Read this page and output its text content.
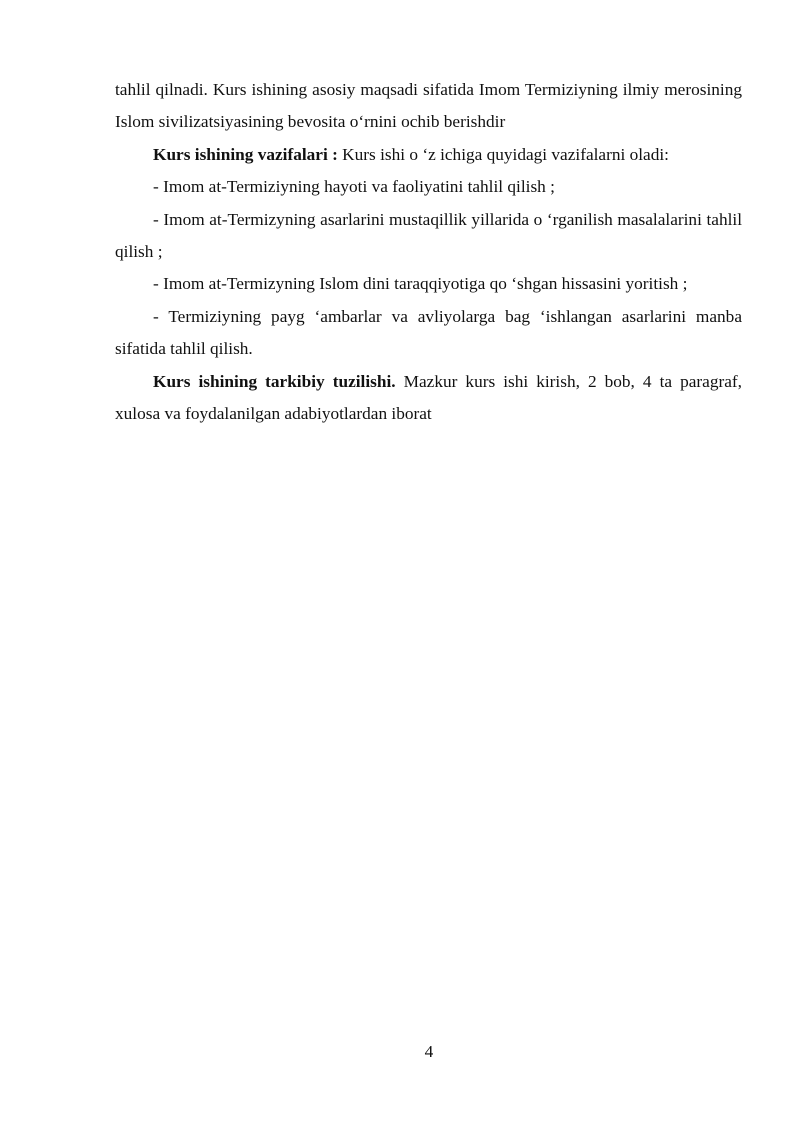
tahlil qilnadi. Kurs ishining asosiy maqsadi sifatida Imom Termiziyning ilmiy merosining Islom sivilizatsiyasining bevosita o‘rnini ochib berishdir

Kurs ishining vazifalari : Kurs ishi o ‘z ichiga quyidagi vazifalarni oladi:

- Imom at-Termiziyning hayoti va faoliyatini tahlil qilish ;

- Imom at-Termizyning asarlarini mustaqillik yillarida o ‘rganilish masalalarini tahlil qilish ;

- Imom at-Termizyning Islom dini taraqqiyotiga qo ‘shgan hissasini yoritish ;

- Termiziyning payg ‘ambarlar va avliyolarga bag ‘ishlangan asarlarini manba sifatida tahlil qilish.

Kurs ishining tarkibiy tuzilishi. Mazkur kurs ishi kirish, 2 bob, 4 ta paragraf, xulosa va foydalanilgan adabiyotlardan iborat

4
